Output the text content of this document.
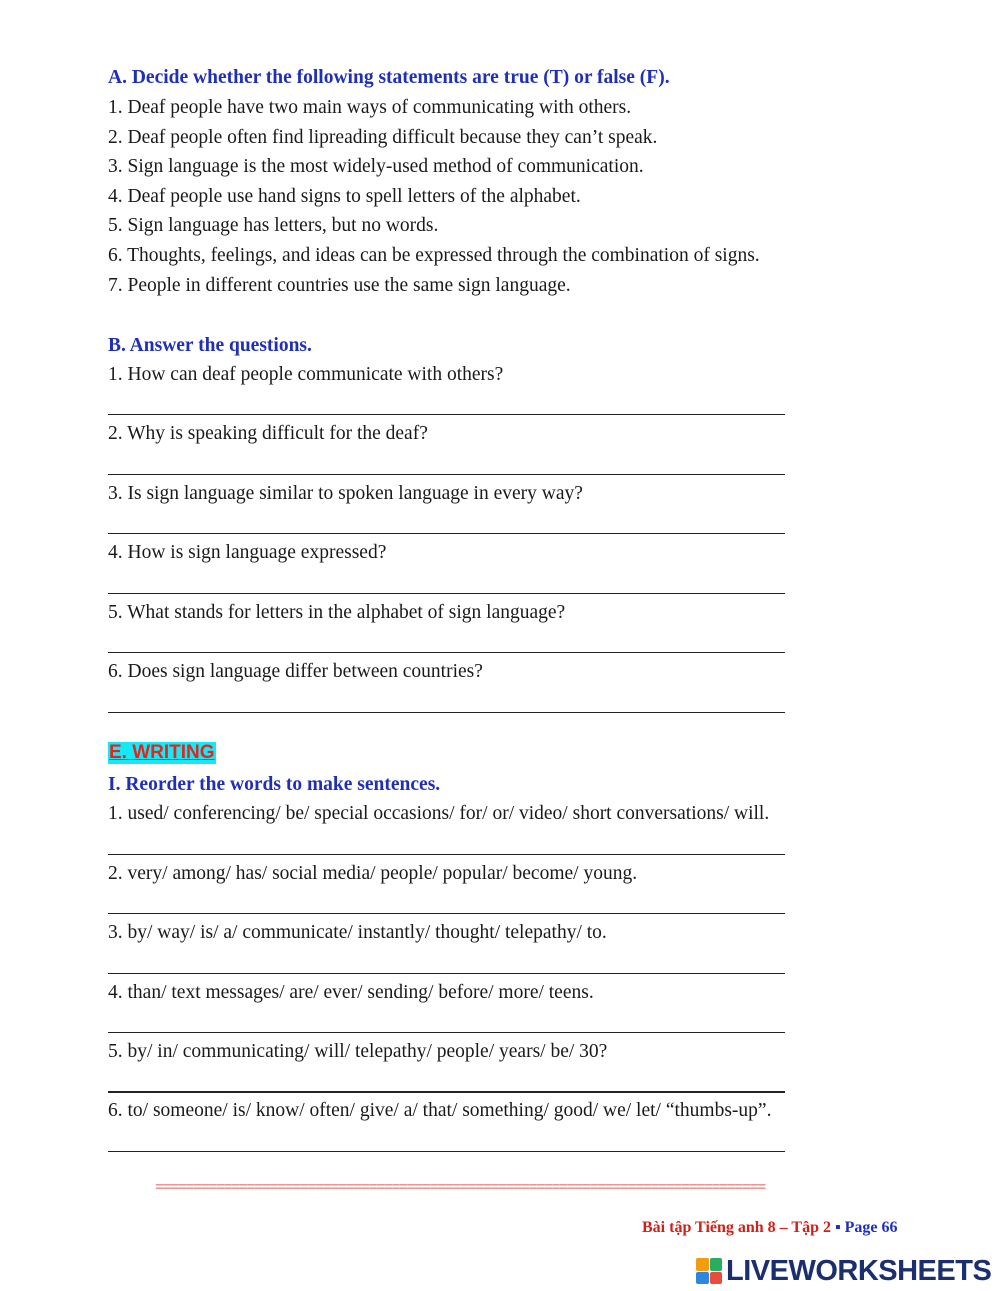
A. Decide whether the following statements are true (T) or false (F).
1. Deaf people have two main ways of communicating with others.
2. Deaf people often find lipreading difficult because they can’t speak.
3. Sign language is the most widely-used method of communication.
4. Deaf people use hand signs to spell letters of the alphabet.
5. Sign language has letters, but no words.
6. Thoughts, feelings, and ideas can be expressed through the combination of signs.
7. People in different countries use the same sign language.
B. Answer the questions.
1. How can deaf people communicate with others?
2. Why is speaking difficult for the deaf?
3. Is sign language similar to spoken language in every way?
4. How is sign language expressed?
5. What stands for letters in the alphabet of sign language?
6. Does sign language differ between countries?
E. WRITING
I. Reorder the words to make sentences.
1. used/ conferencing/ be/ special occasions/ for/ or/ video/ short conversations/ will.
2. very/ among/ has/ social media/ people/ popular/ become/ young.
3. by/ way/ is/ a/ communicate/ instantly/ thought/ telepathy/ to.
4. than/ text messages/ are/ ever/ sending/ before/ more/ teens.
5. by/ in/ communicating/ will/ telepathy/ people/ years/ be/ 30?
6. to/ someone/ is/ know/ often/ give/ a/ that/ something/ good/ we/ let/ “thumbs-up”.
================================================================================
Bài tập Tiếng anh 8 – Tập 2 ▪ Page 66
LIVEWORKSHEETS
